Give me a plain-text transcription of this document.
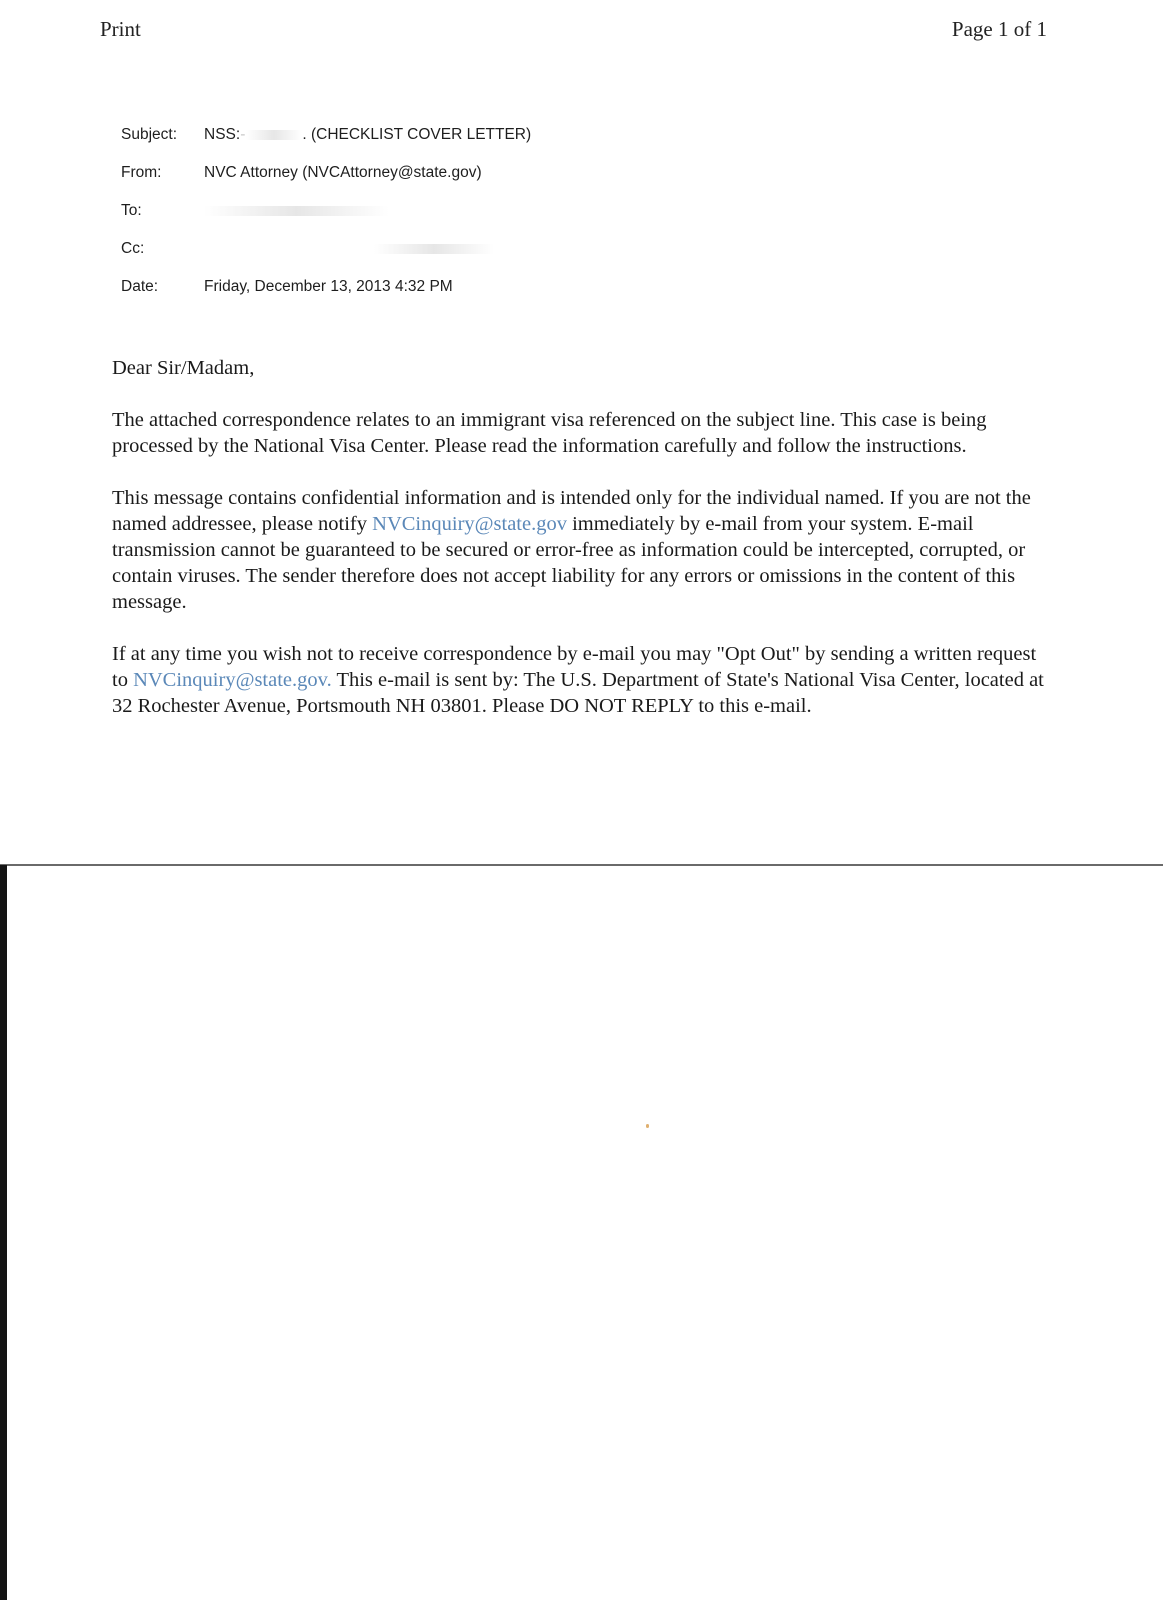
Print	Page 1 of 1
Subject:	NSS:-	. (CHECKLIST COVER LETTER)
From:	NVC Attorney (NVCAttorney@state.gov)
To:
Cc:
Date:	Friday, December 13, 2013 4:32 PM

Dear Sir/Madam,

The attached correspondence relates to an immigrant visa referenced on the subject line. This case is being processed by the National Visa Center. Please read the information carefully and follow the instructions.

This message contains confidential information and is intended only for the individual named. If you are not the named addressee, please notify NVCinquiry@state.gov immediately by e-mail from your system. E-mail transmission cannot be guaranteed to be secured or error-free as information could be intercepted, corrupted, or contain viruses. The sender therefore does not accept liability for any errors or omissions in the content of this message.

If at any time you wish not to receive correspondence by e-mail you may "Opt Out" by sending a written request to NVCinquiry@state.gov. This e-mail is sent by: The U.S. Department of State's National Visa Center, located at 32 Rochester Avenue, Portsmouth NH 03801. Please DO NOT REPLY to this e-mail.
